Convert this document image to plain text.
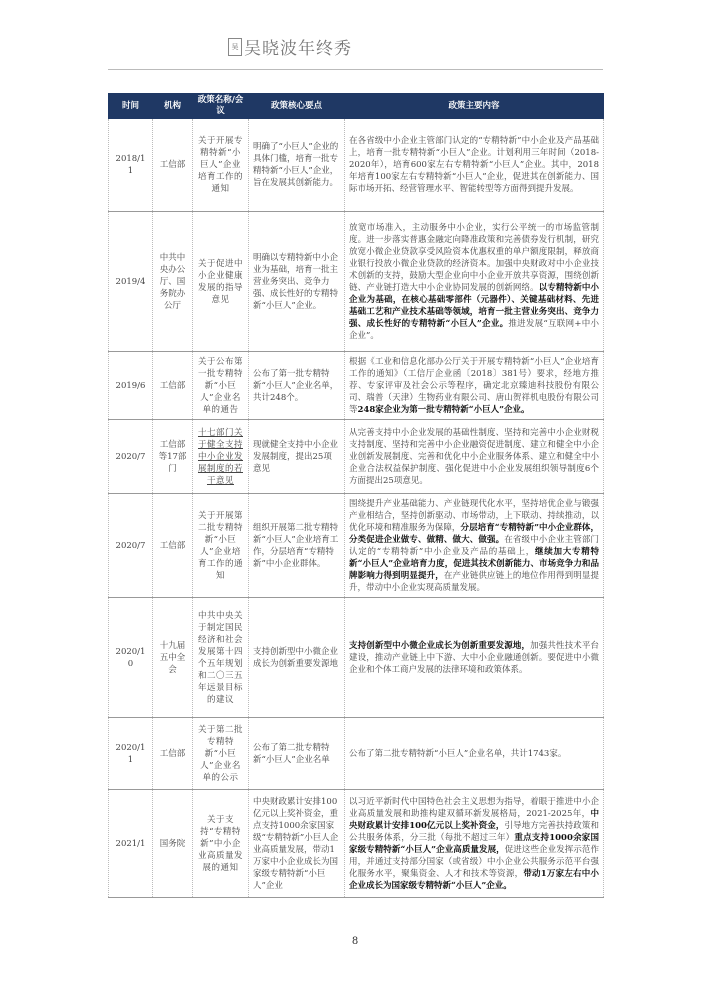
吴 吴晓波年终秀
时间	机构	政策名称/会议	政策核心要点	政策主要内容
2018/11	工信部	关于开展专精特新“小巨人”企业培育工作的通知	明确了“小巨人”企业的具体门槛，培育一批专精特新“小巨人”企业，旨在发展其创新能力。	在各省级中小企业主管部门认定的“专精特新”中小企业及产品基础上，培育一批专精特新“小巨人”企业。计划利用三年时间（2018-2020年），培育600家左右专精特新“小巨人”企业。其中，2018年培育100家左右专精特新“小巨人”企业，促进其在创新能力、国际市场开拓、经营管理水平、智能转型等方面得到提升发展。
2019/4	中共中央办公厅、国务院办公厅	关于促进中小企业健康发展的指导意见	明确以专精特新中小企业为基础，培育一批主营业务突出、竞争力强、成长性好的专精特新“小巨人”企业。	放宽市场准入，主动服务中小企业，实行公平统一的市场监管制度。进一步落实普惠金融定向降准政策和完善债券发行机制，研究放宽小微企业贷款享受风险资本优惠权重的单户额度限制，释放商业银行投放小微企业贷款的经济资本。加强中央财政对中小企业技术创新的支持，鼓励大型企业向中小企业开放共享资源，围绕创新链、产业链打造大中小企业协同发展的创新网络。以专精特新中小企业为基础，在核心基础零部件（元器件）、关键基础材料、先进基础工艺和产业技术基础等领域，培育一批主营业务突出、竞争力强、成长性好的专精特新“小巨人”企业。推进发展“互联网+中小企业”。
2019/6	工信部	关于公布第一批专精特新“小巨人”企业名单的通告	公布了第一批专精特新“小巨人”企业名单，共计248个。	根据《工业和信息化部办公厅关于开展专精特新“小巨人”企业培育工作的通知》（工信厅企业函〔2018〕381号）要求，经地方推荐、专家评审及社会公示等程序，确定北京臻迪科技股份有限公司、瑞普（天津）生物药业有限公司、唐山贺祥机电股份有限公司等248家企业为第一批专精特新“小巨人”企业。
2020/7	工信部等17部门	十七部门关于健全支持中小企业发展制度的若干意见	现就健全支持中小企业发展制度，提出25项意见	从完善支持中小企业发展的基础性制度、坚持和完善中小企业财税支持制度、坚持和完善中小企业融资促进制度、建立和健全中小企业创新发展制度、完善和优化中小企业服务体系、建立和健全中小企业合法权益保护制度、强化促进中小企业发展组织领导制度6个方面提出25项意见。
2020/7	工信部	关于开展第二批专精特新“小巨人”企业培育工作的通知	组织开展第二批专精特新“小巨人”企业培育工作，分层培育“专精特新”中小企业群体。	围绕提升产业基础能力、产业链现代化水平，坚持培优企业与锻强产业相结合，坚持创新驱动、市场带动，上下联动、持续推动，以优化环境和精准服务为保障，分层培育“专精特新”中小企业群体，分类促进企业做专、做精、做大、做强。在省级中小企业主管部门认定的“专精特新”中小企业及产品的基础上，继续加大专精特新“小巨人”企业培育力度，促进其技术创新能力、市场竞争力和品牌影响力得到明显提升，在产业链供应链上的地位作用得到明显提升，带动中小企业实现高质量发展。
2020/10	十九届五中全会	中共中央关于制定国民经济和社会发展第十四个五年规划和二〇三五年远景目标的建议	支持创新型中小微企业成长为创新重要发源地	支持创新型中小微企业成长为创新重要发源地，加强共性技术平台建设，推动产业链上中下游、大中小企业融通创新。要促进中小微企业和个体工商户发展的法律环境和政策体系。
2020/11	工信部	关于第二批专精特新“小巨人”企业名单的公示	公布了第二批专精特新“小巨人”企业名单	公布了第二批专精特新“小巨人”企业名单，共计1743家。
2021/1	国务院	关于支持“专精特新”中小企业高质量发展的通知	中央财政累计安排100亿元以上奖补资金，重点支持1000余家国家级“专精特新”小巨人企业高质量发展，带动1万家中小企业成长为国家级专精特新“小巨人”企业	以习近平新时代中国特色社会主义思想为指导，着眼于推进中小企业高质量发展和助推构建双循环新发展格局，2021-2025年，中央财政累计安排100亿元以上奖补资金，引导地方完善扶持政策和公共服务体系，分三批（每批不超过三年）重点支持1000余家国家级专精特新“小巨人”企业高质量发展，促进这些企业发挥示范作用，并通过支持部分国家（或省级）中小企业公共服务示范平台强化服务水平，聚集资金、人才和技术等资源，带动1万家左右中小企业成长为国家级专精特新“小巨人”企业。
8
